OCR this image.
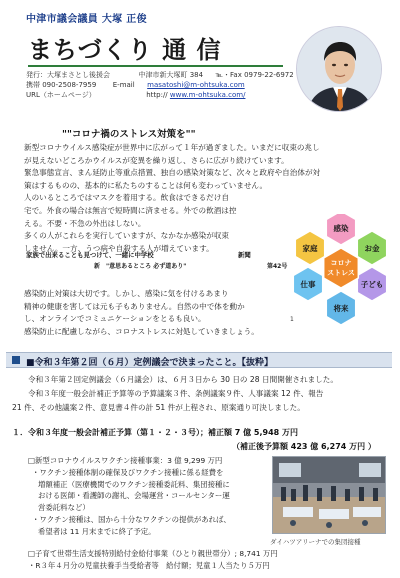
中津市議会議員 大塚 正俊
まちづくり 通 信
発行：大塚まさとし後援会	中津市新大塚町 384 ℡・Fax 0979-22-6972
携帯 090-2508-7959 E-mail masatoshi@m-ohtsuka.com
URL（ホームページ）	http:// www.m-ohtsuka.com/
""コロナ禍のストレス対策を""
新型コロナウイルス感染症が世界中に広がって１年が過ぎました。いまだに収束の兆し
が見えないどころかウイルスが変異を繰り返し、さらに広がり続けています。
緊急事態宣言、まん延防止等重点措置、独自の感染対策など、次々と政府や自治体が対
策はするものの、基本的に私たちのすることは何も変わっていません。
人のいるところではマスクを着用する。飲食はできるだけ自
宅で。外食の場合は無言で短時間に済ませる。外での飲酒は控
える。不要・不急の外出はしない。
多くの人がこれらを実行していますが、なかなか感染が収束
しません。一方、うつ病や自殺する人が増えています。
家族で出来ることも見つけて、一緒に中学校	新聞
新　"意思あるところ 必ず道あり"	第42号
感染防止対策は大切です。しかし、感染に気を付けるあまり
精神の健康を害しては元も子もありません。自然の中で体を動か
し、オンラインでコミュニケーションをとるも良い。
感染防止に配慮しながら、コロナストレスに対処していきましょう。
1
感染
家庭	お金
仕事	子ども
将来
コロナ
ストレス
■令和３年第２回（６月）定例議会で決まったこと。【抜粋】
令和３年第２回定例議会（６月議会）は、６月３日から 30 日の 28 日間開催されました。
令和３年度一般会計補正予算等の予算議案３件、条例議案９件、人事議案 12 件、報告
21 件、その他議案２件、意見書４件の計 51 件が上程され、原案通り可決しました。
１．令和３年度一般会計補正予算（第１・２・３号）；補正額 7 億 5,948 万円
（補正後予算額 423 億 6,274 万円 ）
□新型コロナウイルスワクチン接種事業：3 億 9,299 万円
・ワクチン接種体制の確保及びワクチン接種に係る経費を
増額補正（医療機関でのワクチン接種委託料、集団接種に
おける医師・看護師の謝礼、会場運営・コールセンター運
営委託料など）
・ワクチン接種は、国から十分なワクチンの提供があれば、
希望者は 11 月末までに終了予定。
ダイハツアリーナでの集団接種
□子育て世帯生活支援特別給付金給付事業（ひとり親世帯分）; 8,741 万円
・R３年４月分の児童扶養手当受給者等　給付額；児童１人当たり５万円
